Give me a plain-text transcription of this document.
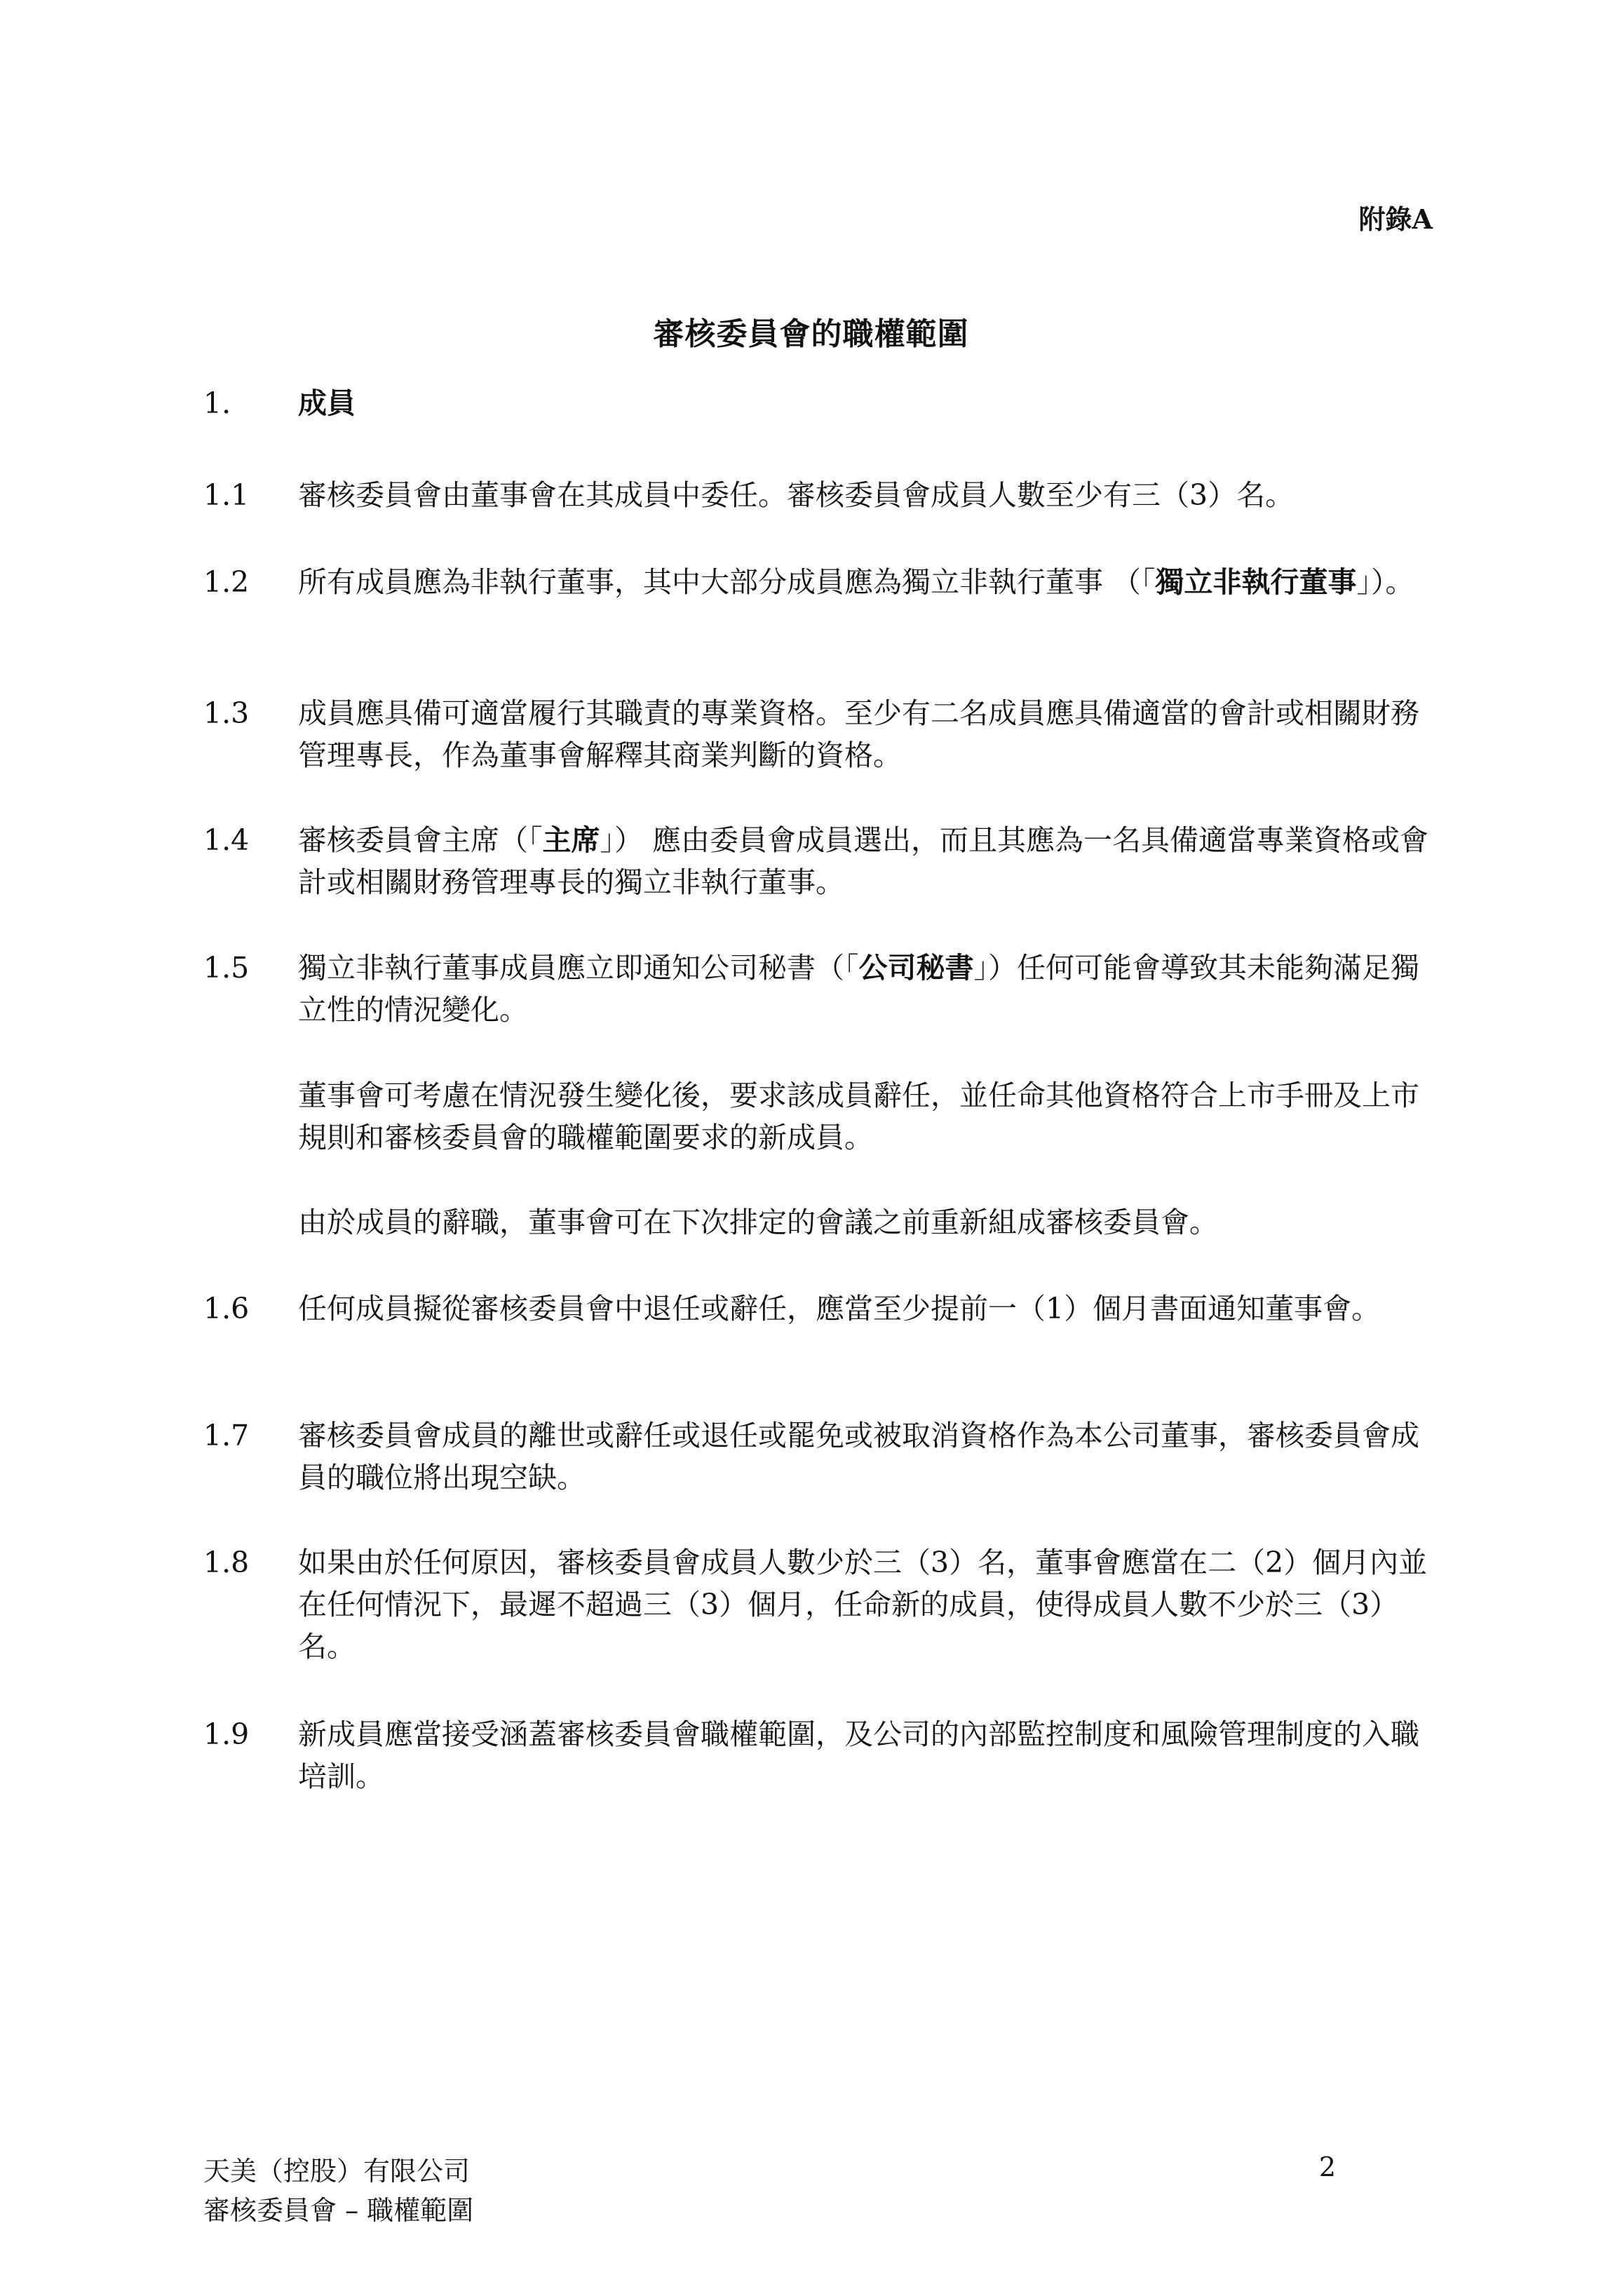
附錄A
審核委員會的職權範圍
1. 成員
1.1 審核委員會由董事會在其成員中委任。審核委員會成員人數至少有三（3）名。
1.2 所有成員應為非執行董事，其中大部分成員應為獨立非執行董事 （「獨立非執行董事」）。
1.3 成員應具備可適當履行其職責的專業資格。至少有二名成員應具備適當的會計或相關財務管理專長，作為董事會解釋其商業判斷的資格。
1.4 審核委員會主席（「主席」） 應由委員會成員選出，而且其應為一名具備適當專業資格或會計或相關財務管理專長的獨立非執行董事。
1.5 獨立非執行董事成員應立即通知公司秘書（「公司秘書」）任何可能會導致其未能夠滿足獨立性的情況變化。
董事會可考慮在情況發生變化後，要求該成員辭任，並任命其他資格符合上市手冊及上市規則和審核委員會的職權範圍要求的新成員。
由於成員的辭職，董事會可在下次排定的會議之前重新組成審核委員會。
1.6 任何成員擬從審核委員會中退任或辭任，應當至少提前一（1）個月書面通知董事會。
1.7 審核委員會成員的離世或辭任或退任或罷免或被取消資格作為本公司董事，審核委員會成員的職位將出現空缺。
1.8 如果由於任何原因，審核委員會成員人數少於三（3）名，董事會應當在二（2）個月內並在任何情況下，最遲不超過三（3）個月，任命新的成員，使得成員人數不少於三（3）名。
1.9 新成員應當接受涵蓋審核委員會職權範圍，及公司的內部監控制度和風險管理制度的入職培訓。
天美（控股）有限公司
審核委員會 – 職權範圍
2
